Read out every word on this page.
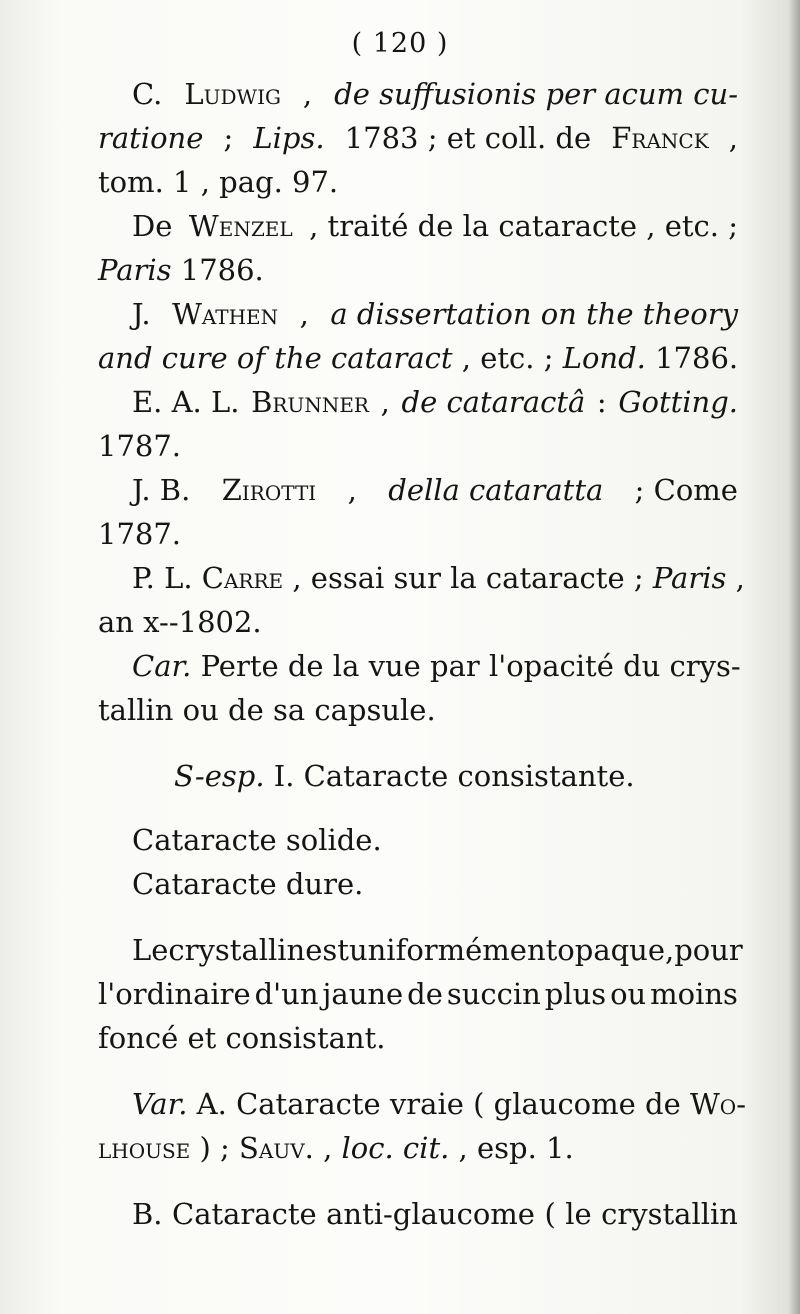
( 120 )
C. Ludwig , de suffusionis per acum cu-
ratione ; Lips. 1783 ; et coll. de Franck ,
tom. 1 , pag. 97.
De Wenzel , traité de la cataracte , etc. ;
Paris 1786.
J. Wathen , a dissertation on the theory
and cure of the cataract , etc. ; Lond. 1786.
E. A. L. Brunner , de cataractâ : Gotting.
1787.
J. B. Zirotti , della cataratta ; Come
1787.
P. L. Carre , essai sur la cataracte ; Paris ,
an x--1802.
Car. Perte de la vue par l'opacité du crys-
tallin ou de sa capsule.
S-esp. I. Cataracte consistante.
Cataracte solide.
Cataracte dure.
Le crystallin est uniformément opaque , pour
l'ordinaire d'un jaune de succin plus ou moins
foncé et consistant.
Var. A. Cataracte vraie ( glaucome de Wo-
lhouse ) ; Sauv. , loc. cit. , esp. 1.
B. Cataracte anti-glaucome ( le crystallin
